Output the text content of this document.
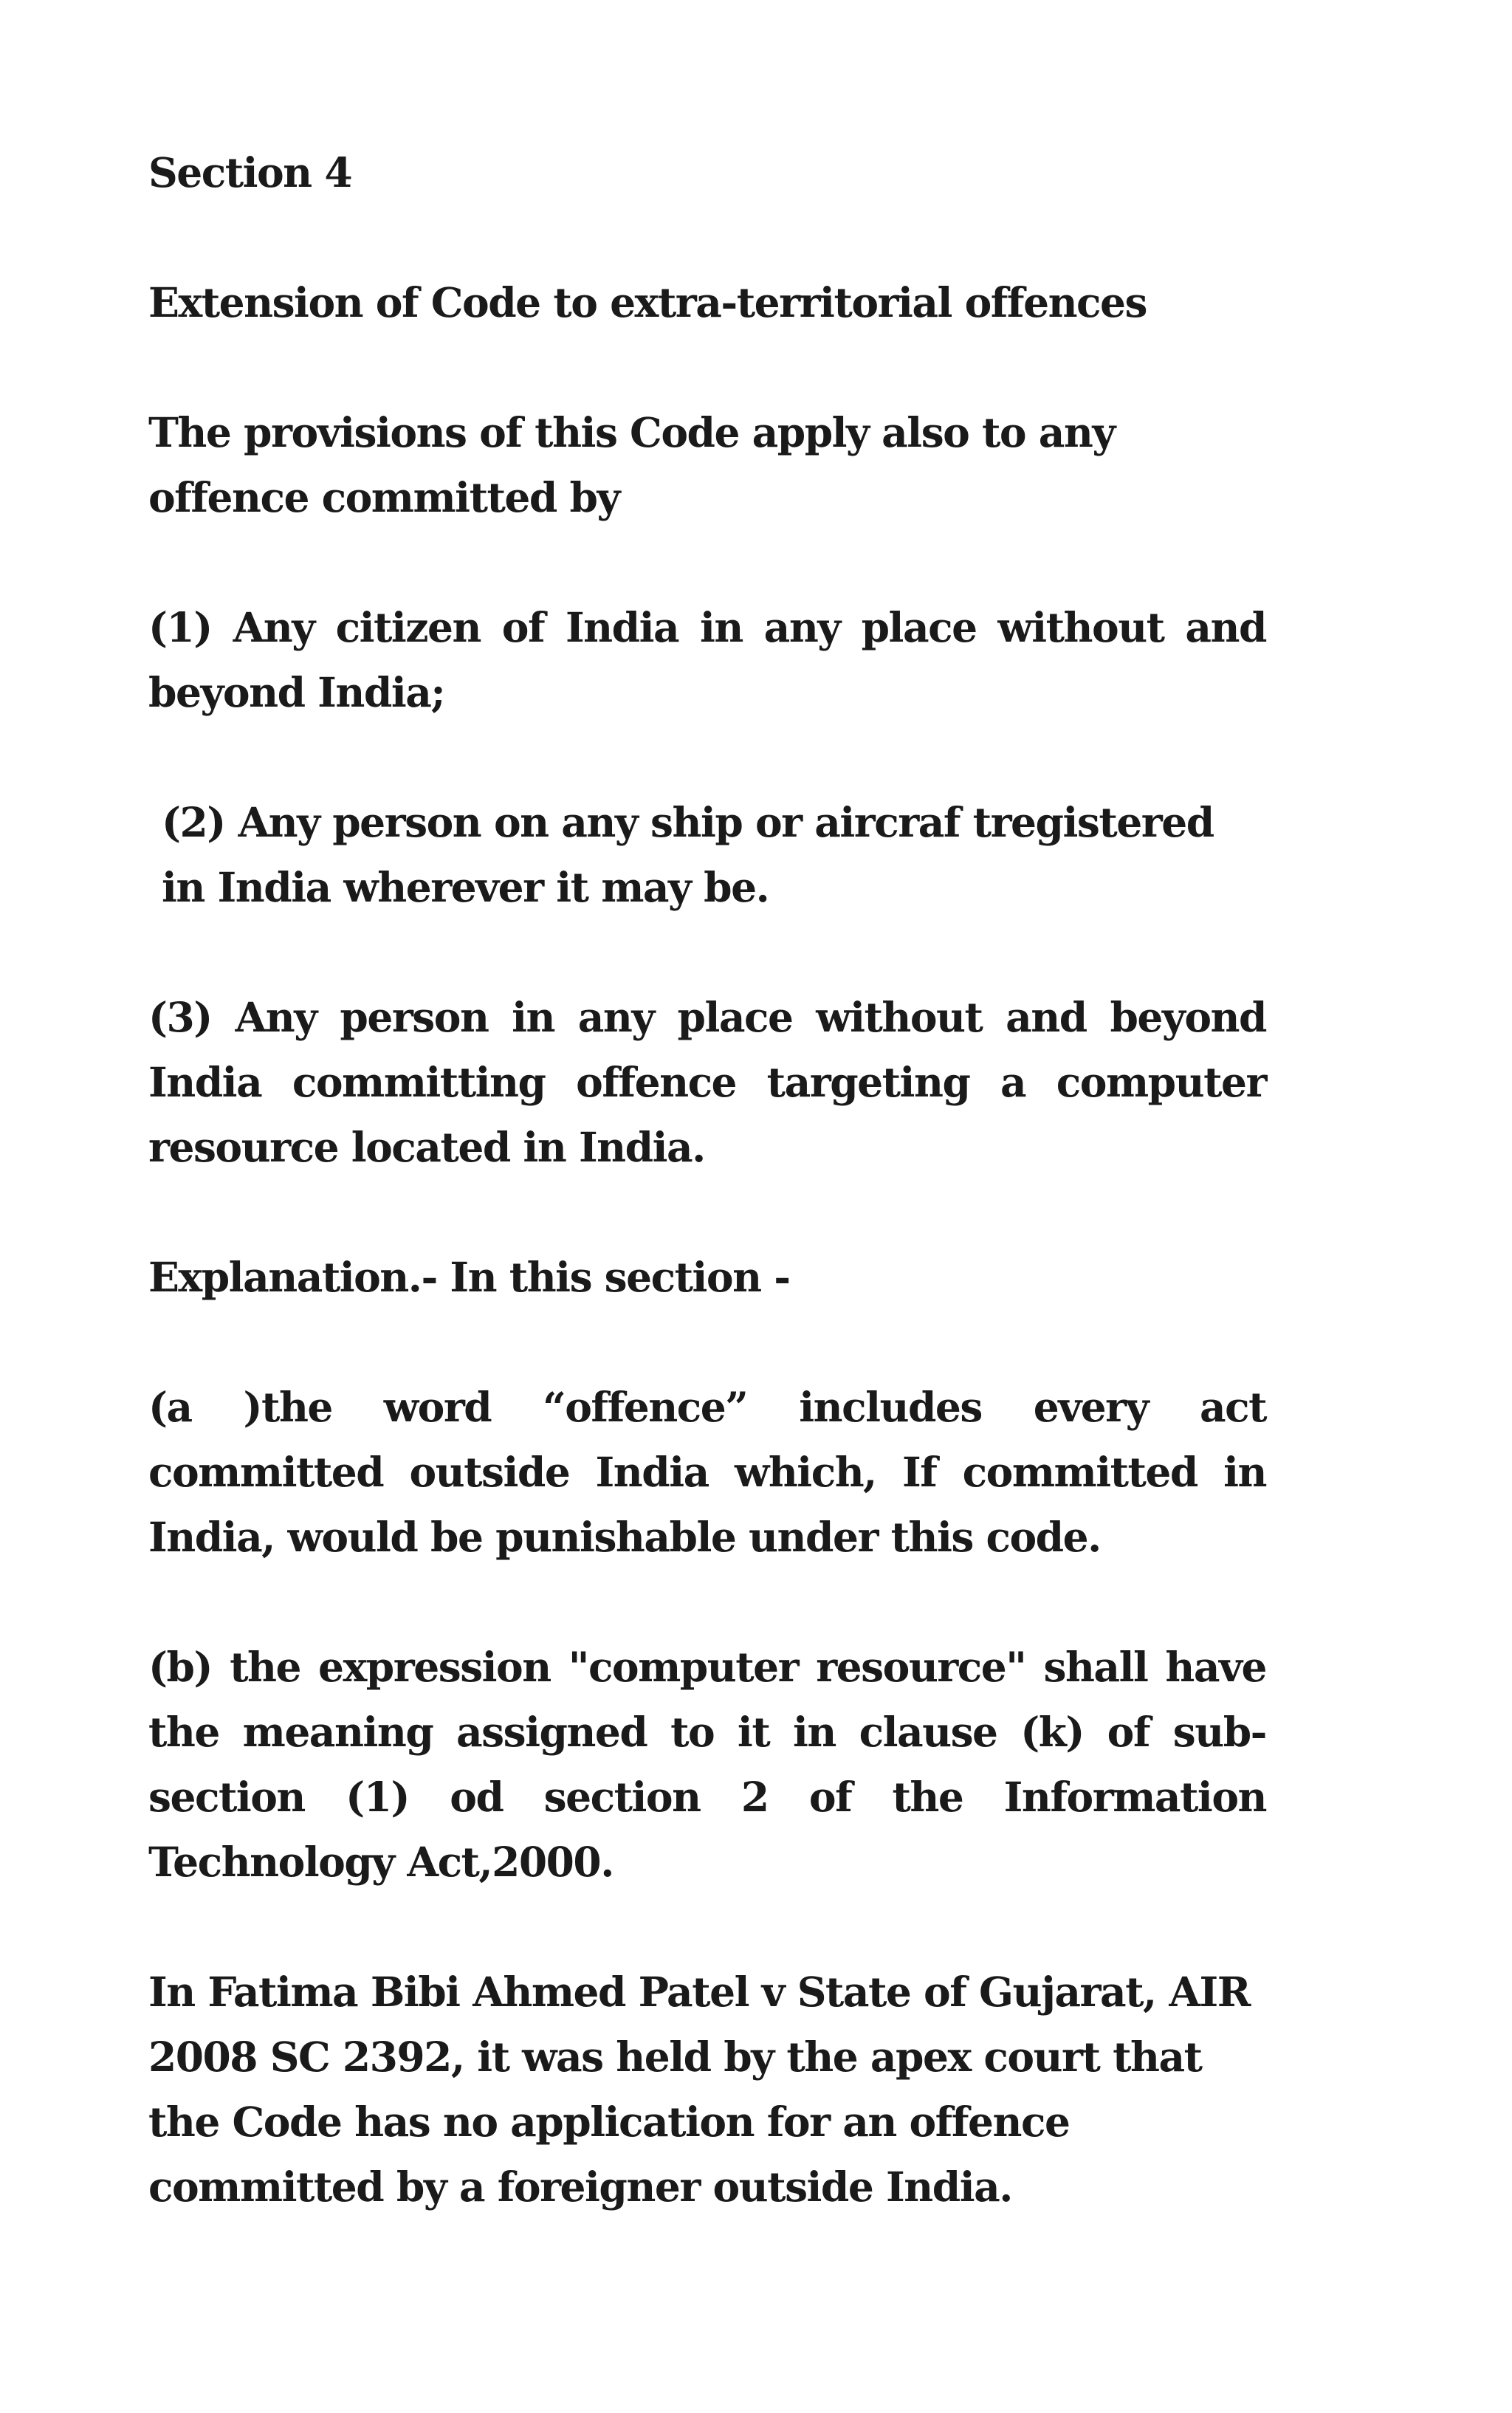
Section 4

Extension of Code to extra-territorial offences

The provisions of this Code apply also to any offence committed by

(1) Any citizen of India in any place without and beyond India;

(2) Any person on any ship or aircraf tregistered in India wherever it may be.

(3) Any person in any place without and beyond India committing offence targeting a computer resource located in India.

Explanation.- In this section -

(a )the word “offence” includes every act committed outside India which, If committed in India, would be punishable under this code.

(b) the expression "computer resource" shall have the meaning assigned to it in clause (k) of sub-section (1) od section 2 of the Information Technology Act,2000.

In Fatima Bibi Ahmed Patel v State of Gujarat, AIR 2008 SC 2392, it was held by the apex court that the Code has no application for an offence committed by a foreigner outside India.
